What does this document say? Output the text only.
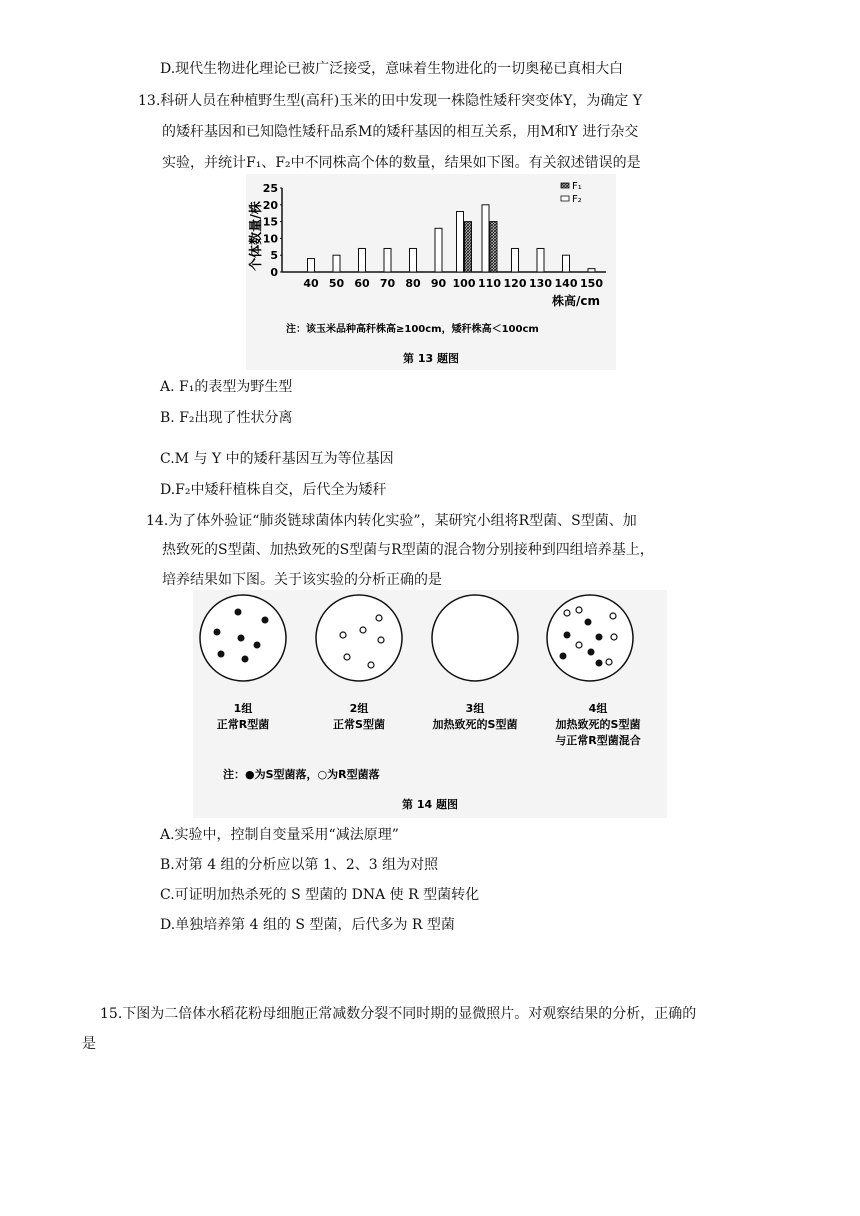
D.现代生物进化理论已被广泛接受，意味着生物进化的一切奥秘已真相大白
13.科研人员在种植野生型(高秆)玉米的田中发现一株隐性矮秆突变体Y，为确定 Y
的矮秆基因和已知隐性矮秆品系M的矮秆基因的相互关系，用M和Y 进行杂交
实验，并统计F₁、F₂中不同株高个体的数量，结果如下图。有关叙述错误的是
个体数量/株
25
20
15
10
5
0
40 50 60 70 80 90 100 110 120 130 140 150
F₁
F₂
株高/cm
注：该玉米品种高秆株高≥100cm，矮秆株高＜100cm
第 13 题图
A. F₁的表型为野生型
B. F₂出现了性状分离
C.M 与 Y 中的矮秆基因互为等位基因
D.F₂中矮秆植株自交，后代全为矮秆
14.为了体外验证“肺炎链球菌体内转化实验”，某研究小组将R型菌、S型菌、加
热致死的S型菌、加热致死的S型菌与R型菌的混合物分别接种到四组培养基上，
培养结果如下图。关于该实验的分析正确的是
1组
正常R型菌
2组
正常S型菌
3组
加热致死的S型菌
4组
加热致死的S型菌
与正常R型菌混合
注：●为S型菌落，○为R型菌落
第 14 题图
A.实验中，控制自变量采用“减法原理”
B.对第 4 组的分析应以第 1、2、3 组为对照
C.可证明加热杀死的 S 型菌的 DNA 使 R 型菌转化
D.单独培养第 4 组的 S 型菌，后代多为 R 型菌
15.下图为二倍体水稻花粉母细胞正常减数分裂不同时期的显微照片。对观察结果的分析，正确的
是
